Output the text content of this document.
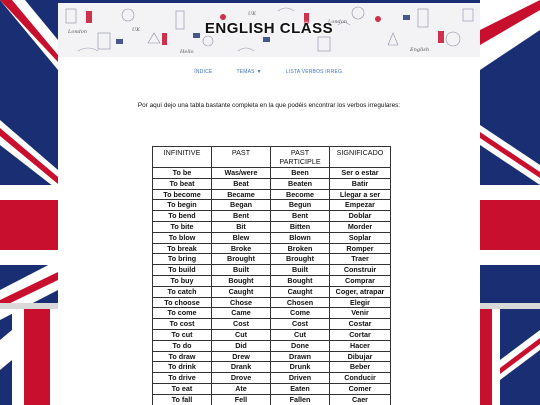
London	UK
Hello
London
English
UK
ENGLISH CLASS
ÍNDICE	TEMAS ▼	LISTA VERBOS IRREG.
Por aquí dejo una tabla bastante completa en la que podéis encontrar los verbos irregulares:
INFINITIVE	PAST	PAST PARTICIPLE	SIGNIFICADO
To be	Was/were	Been	Ser o estar
To beat	Beat	Beaten	Batir
To become	Became	Become	Llegar a ser
To begin	Began	Begun	Empezar
To bend	Bent	Bent	Doblar
To bite	Bit	Bitten	Morder
To blow	Blew	Blown	Soplar
To break	Broke	Broken	Romper
To bring	Brought	Brought	Traer
To build	Built	Built	Construir
To buy	Bought	Bought	Comprar
To catch	Caught	Caught	Coger, atrapar
To choose	Chose	Chosen	Elegir
To come	Came	Come	Venir
To cost	Cost	Cost	Costar
To cut	Cut	Cut	Cortar
To do	Did	Done	Hacer
To draw	Drew	Drawn	Dibujar
To drink	Drank	Drunk	Beber
To drive	Drove	Driven	Conducir
To eat	Ate	Eaten	Comer
To fall	Fell	Fallen	Caer
